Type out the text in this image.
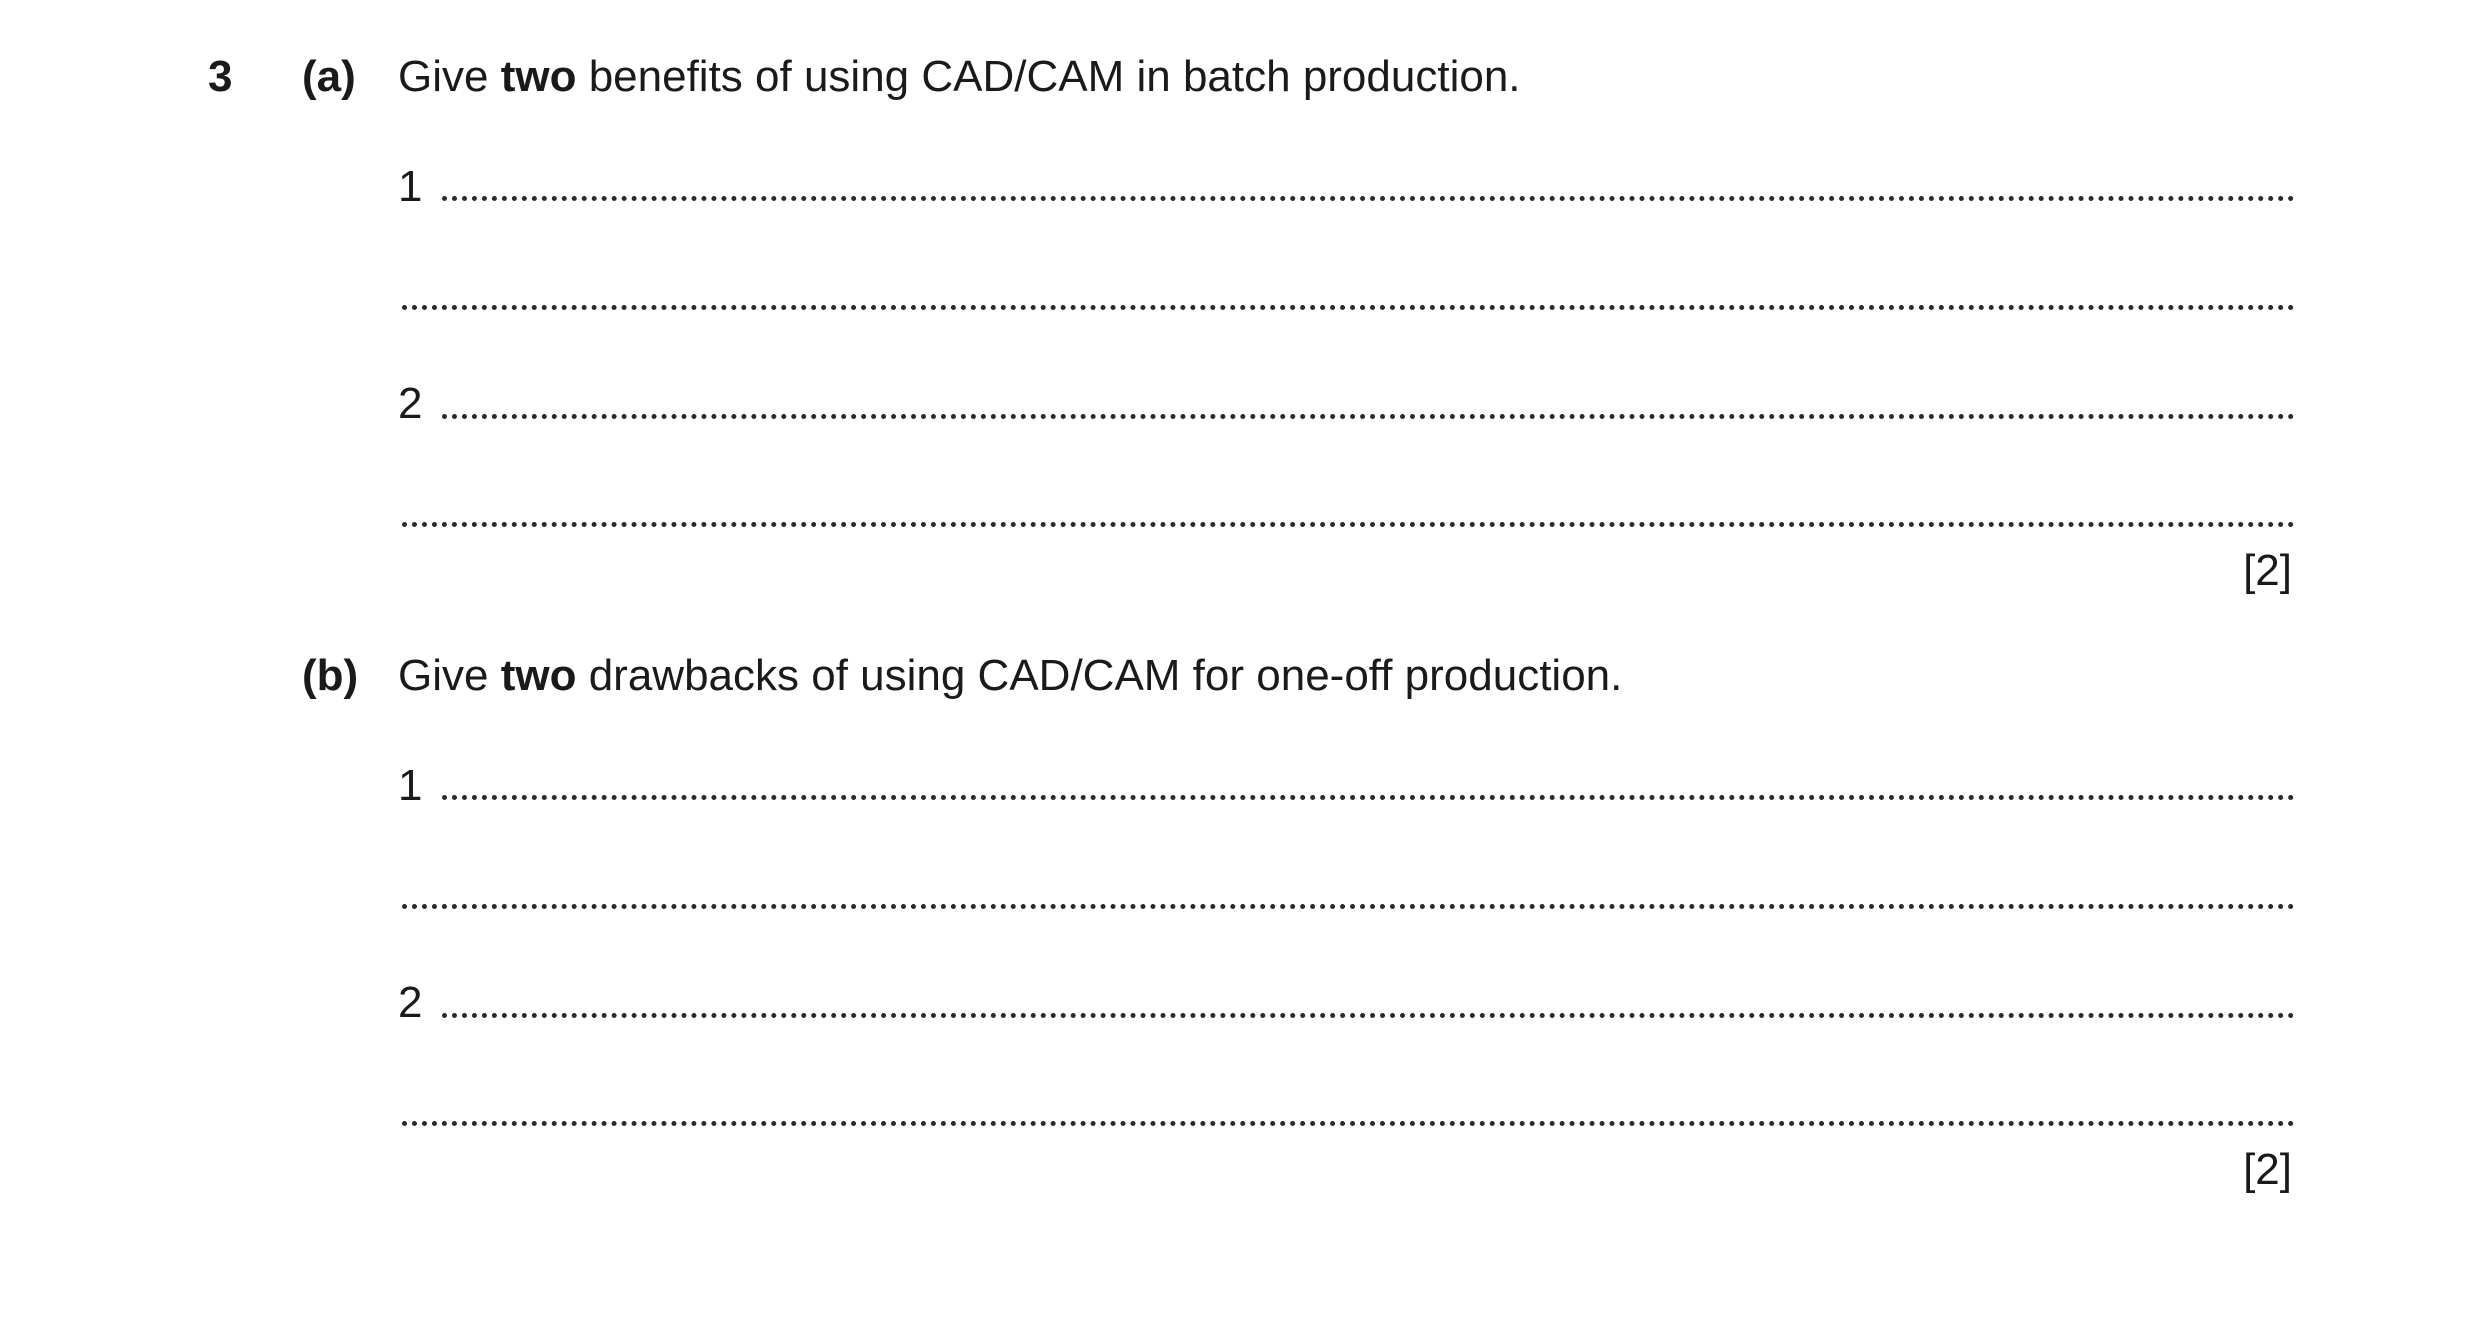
3 (a) Give two benefits of using CAD/CAM in batch production.
1
2
[2]
(b) Give two drawbacks of using CAD/CAM for one-off production.
1
2
[2]
